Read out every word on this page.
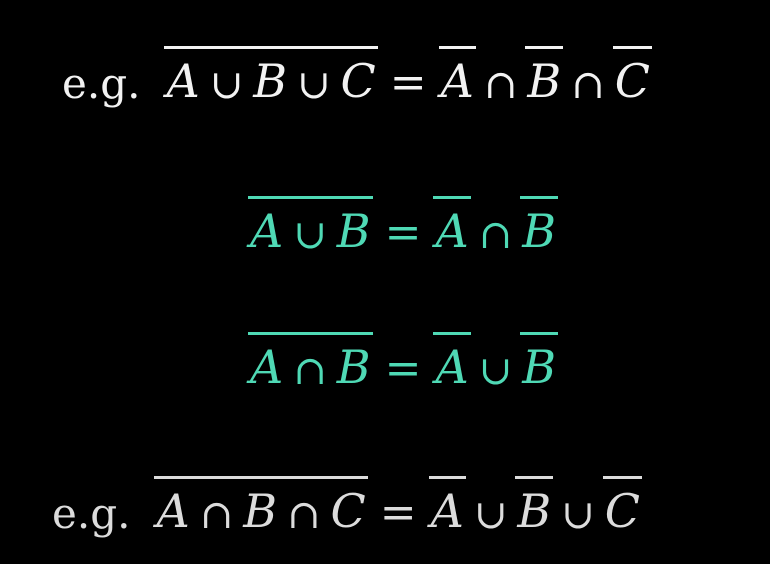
e.g. A ∪ B ∪ C = A ∩ B ∩ C
A ∪ B = A ∩ B
A ∩ B = A ∪ B
e.g. A ∩ B ∩ C = A ∪ B ∪ C
